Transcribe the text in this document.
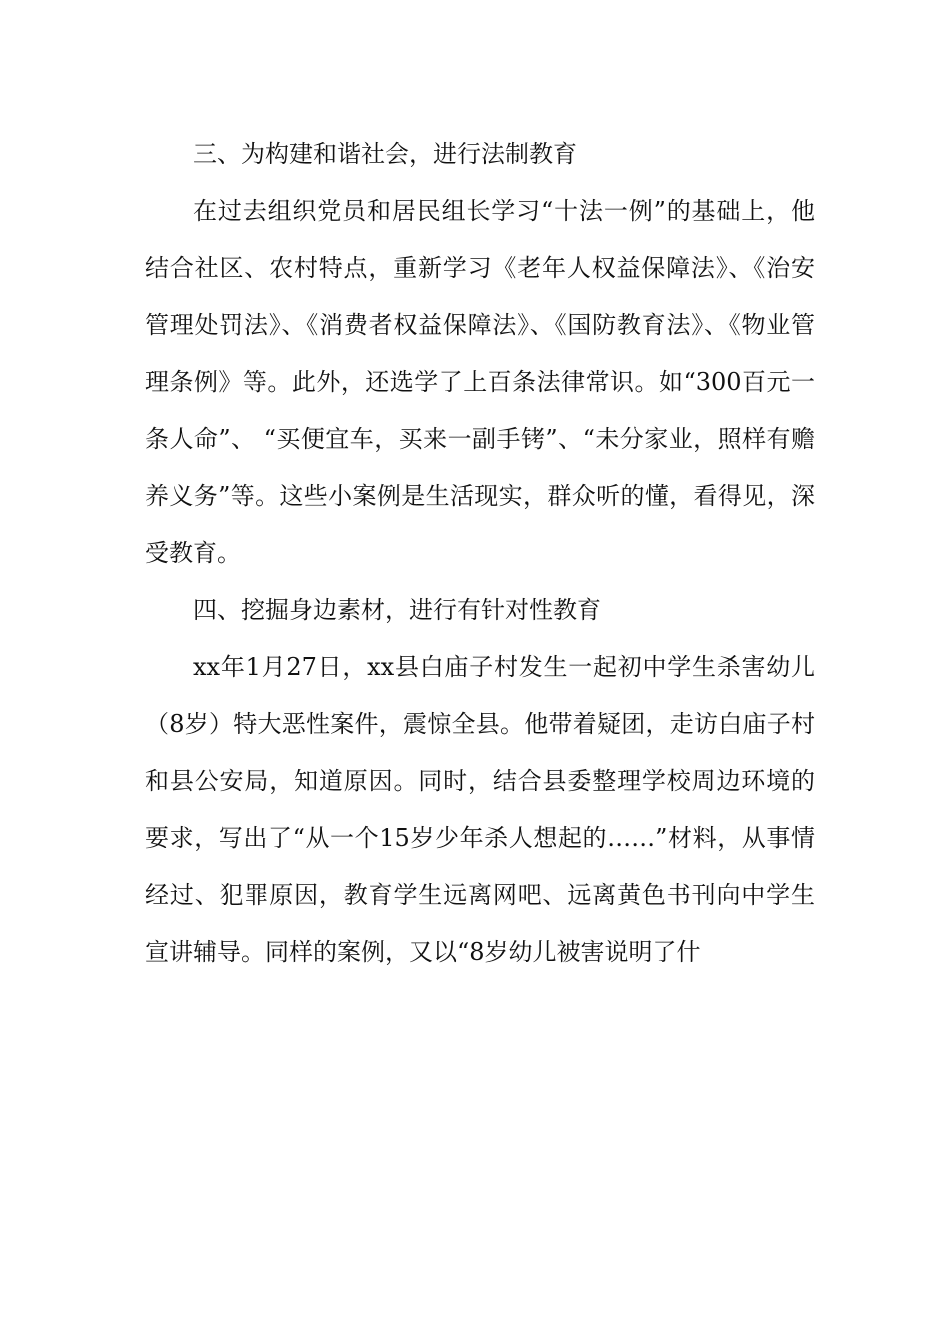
三、为构建和谐社会，进行法制教育

在过去组织党员和居民组长学习“十法一例”的基础上，他结合社区、农村特点，重新学习《老年人权益保障法》、《治安管理处罚法》、《消费者权益保障法》、《国防教育法》、《物业管理条例》等。此外，还选学了上百条法律常识。如“300百元一条人命”、 “买便宜车，买来一副手铐”、“未分家业，照样有赡养义务”等。这些小案例是生活现实，群众听的懂，看得见，深受教育。

四、挖掘身边素材，进行有针对性教育

xx年1月27日，xx县白庙子村发生一起初中学生杀害幼儿（8岁）特大恶性案件，震惊全县。他带着疑团，走访白庙子村和县公安局，知道原因。同时，结合县委整理学校周边环境的要求，写出了“从一个15岁少年杀人想起的……”材料，从事情经过、犯罪原因，教育学生远离网吧、远离黄色书刊向中学生宣讲辅导。同样的案例，又以“8岁幼儿被害说明了什
